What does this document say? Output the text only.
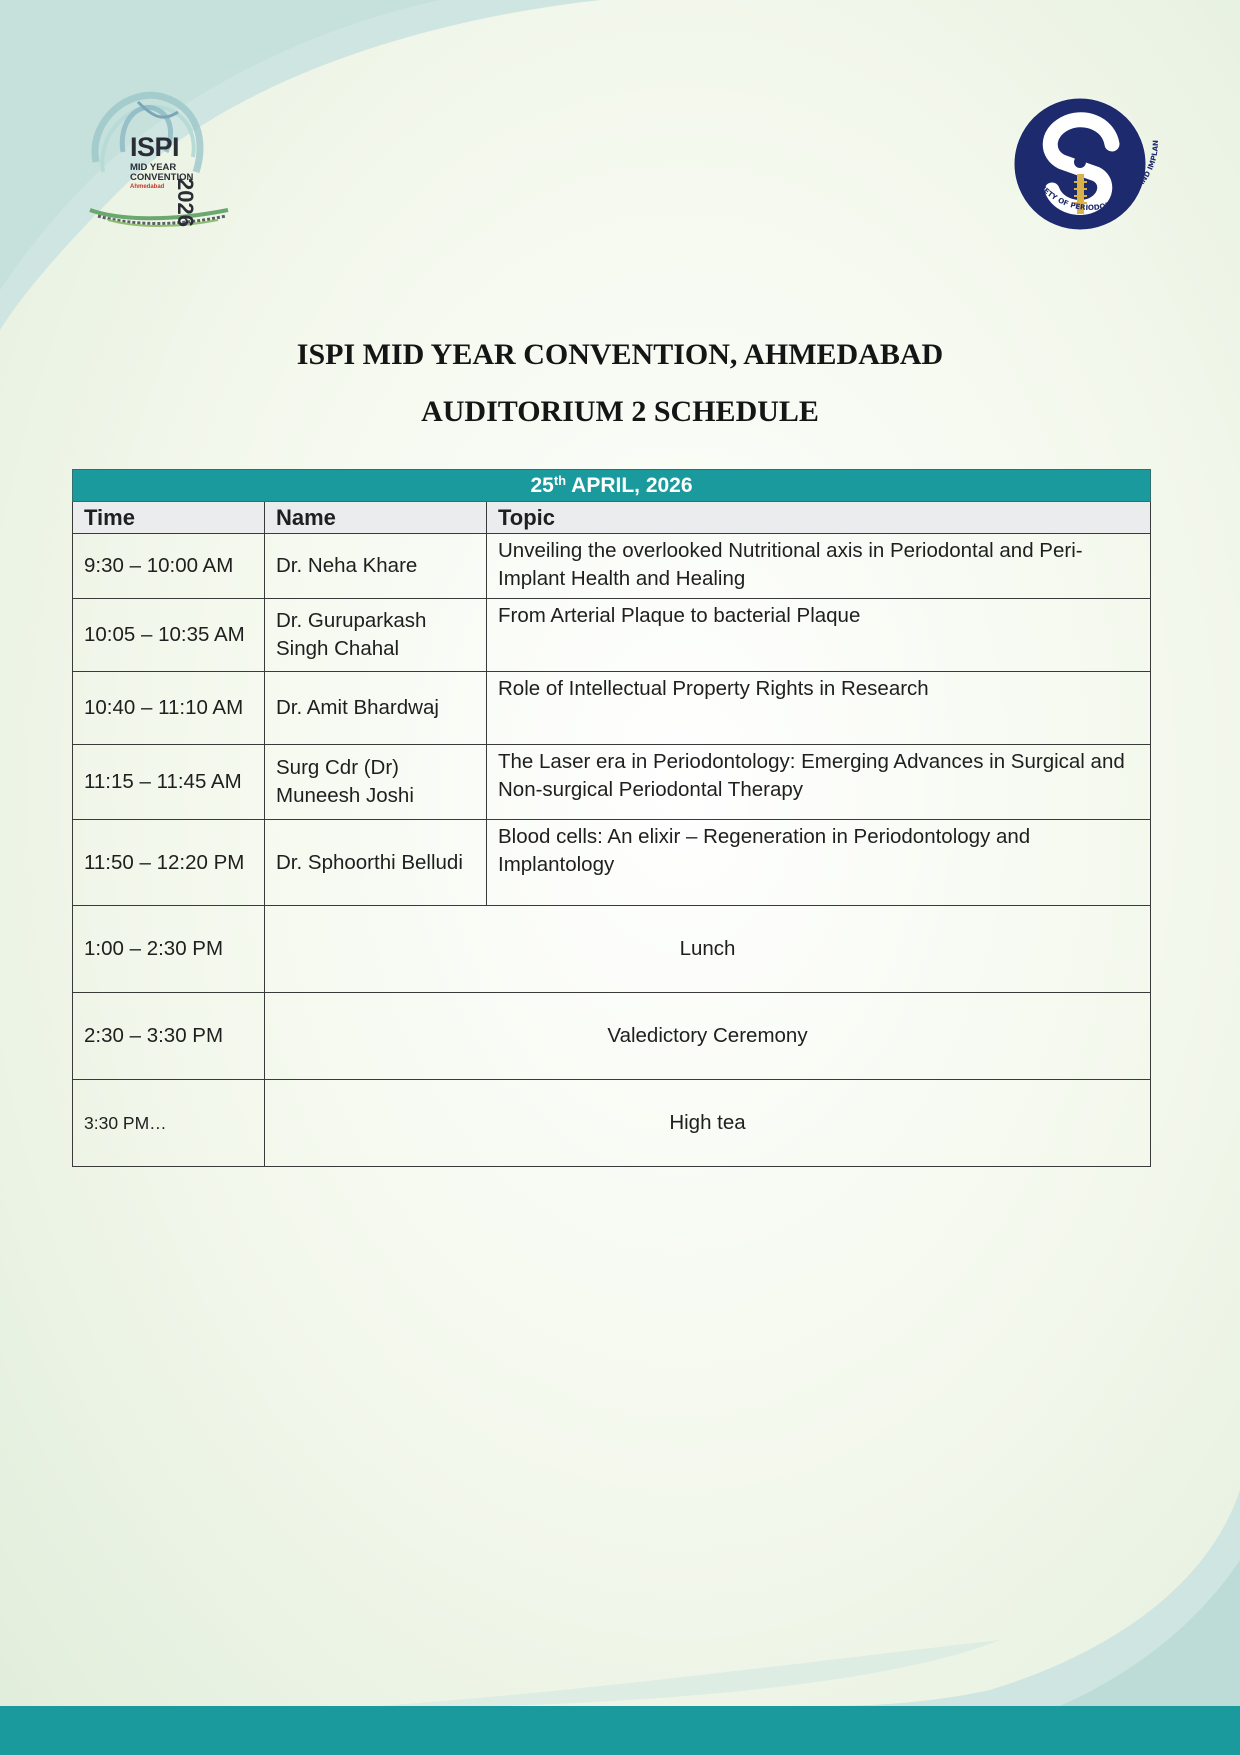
ISPI
MID YEAR
CONVENTION
Ahmedabad 2026
INDIAN SOCIETY OF PERIODONTOLOGY AND IMPLAN
ISPI MID YEAR CONVENTION, AHMEDABAD
AUDITORIUM 2 SCHEDULE
25th APRIL, 2026		
Time	Name	Topic
9:30 – 10:00 AM	Dr. Neha Khare	Unveiling the overlooked Nutritional axis in Periodontal and Peri-Implant Health and Healing
10:05 – 10:35 AM	Dr. Guruparkash Singh Chahal	From Arterial Plaque to bacterial Plaque
10:40 – 11:10 AM	Dr. Amit Bhardwaj	Role of Intellectual Property Rights in Research
11:15 – 11:45 AM	Surg Cdr (Dr) Muneesh Joshi	The Laser era in Periodontology: Emerging Advances in Surgical and Non-surgical Periodontal Therapy
11:50 – 12:20 PM	Dr. Sphoorthi Belludi	Blood cells: An elixir – Regeneration in Periodontology and Implantology
1:00 – 2:30 PM	Lunch	
2:30 – 3:30 PM	Valedictory Ceremony	
3:30 PM…	High tea	
